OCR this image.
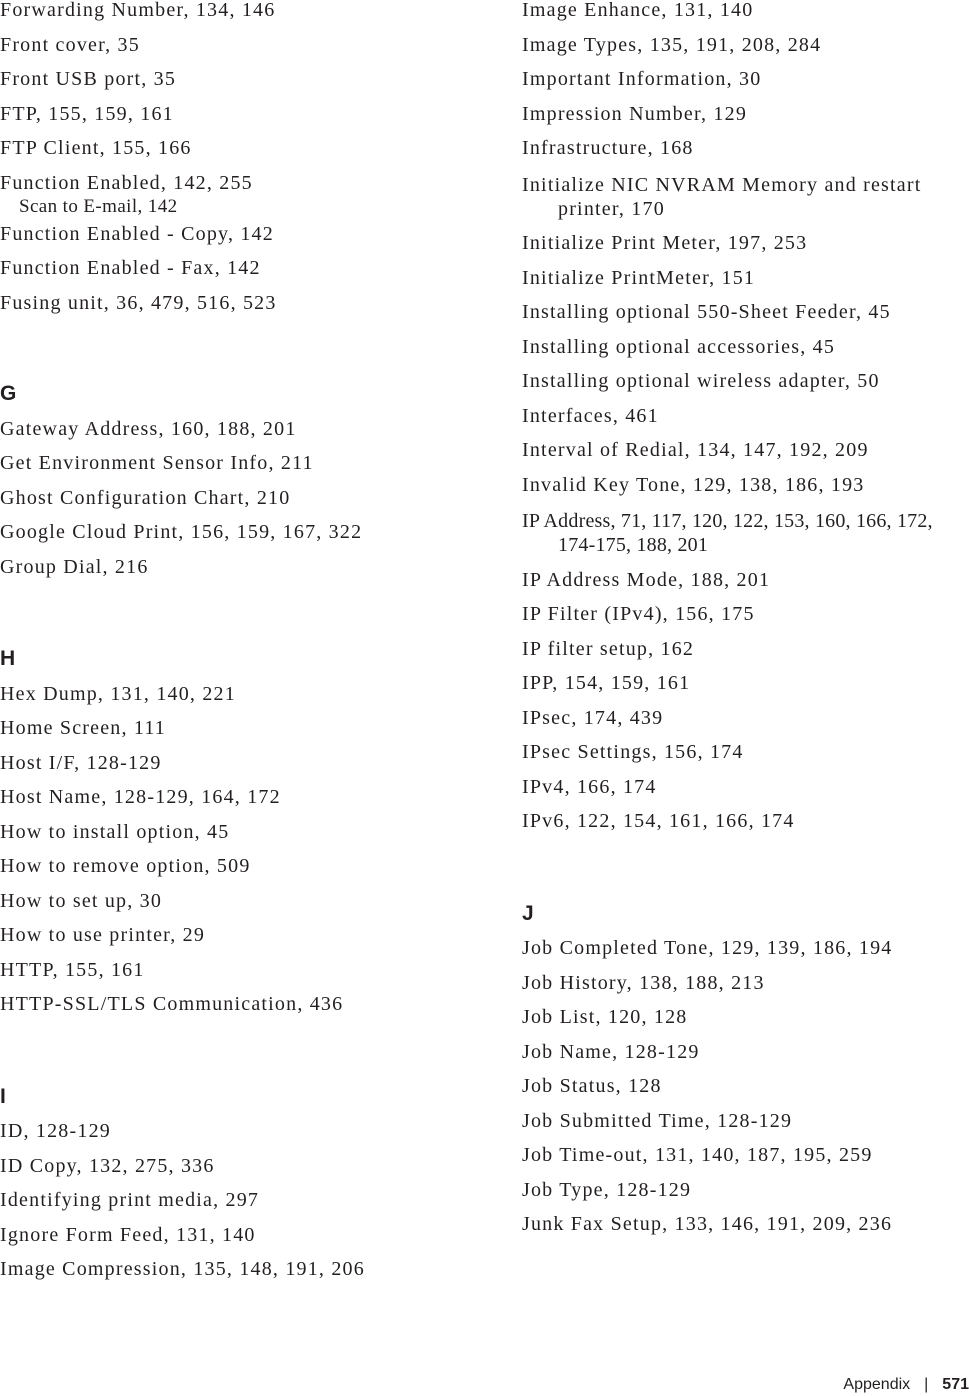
Forwarding Number, 134, 146
Front cover, 35
Front USB port, 35
FTP, 155, 159, 161
FTP Client, 155, 166
Function Enabled, 142, 255
Scan to E-mail, 142
Function Enabled - Copy, 142
Function Enabled - Fax, 142
Fusing unit, 36, 479, 516, 523
G
Gateway Address, 160, 188, 201
Get Environment Sensor Info, 211
Ghost Configuration Chart, 210
Google Cloud Print, 156, 159, 167, 322
Group Dial, 216
H
Hex Dump, 131, 140, 221
Home Screen, 111
Host I/F, 128-129
Host Name, 128-129, 164, 172
How to install option, 45
How to remove option, 509
How to set up, 30
How to use printer, 29
HTTP, 155, 161
HTTP-SSL/TLS Communication, 436
I
ID, 128-129
ID Copy, 132, 275, 336
Identifying print media, 297
Ignore Form Feed, 131, 140
Image Compression, 135, 148, 191, 206
Image Enhance, 131, 140
Image Types, 135, 191, 208, 284
Important Information, 30
Impression Number, 129
Infrastructure, 168
Initialize NIC NVRAM Memory and restart printer, 170
Initialize Print Meter, 197, 253
Initialize PrintMeter, 151
Installing optional 550-Sheet Feeder, 45
Installing optional accessories, 45
Installing optional wireless adapter, 50
Interfaces, 461
Interval of Redial, 134, 147, 192, 209
Invalid Key Tone, 129, 138, 186, 193
IP Address, 71, 117, 120, 122, 153, 160, 166, 172, 174-175, 188, 201
IP Address Mode, 188, 201
IP Filter (IPv4), 156, 175
IP filter setup, 162
IPP, 154, 159, 161
IPsec, 174, 439
IPsec Settings, 156, 174
IPv4, 166, 174
IPv6, 122, 154, 161, 166, 174
J
Job Completed Tone, 129, 139, 186, 194
Job History, 138, 188, 213
Job List, 120, 128
Job Name, 128-129
Job Status, 128
Job Submitted Time, 128-129
Job Time-out, 131, 140, 187, 195, 259
Job Type, 128-129
Junk Fax Setup, 133, 146, 191, 209, 236
Appendix | 571
